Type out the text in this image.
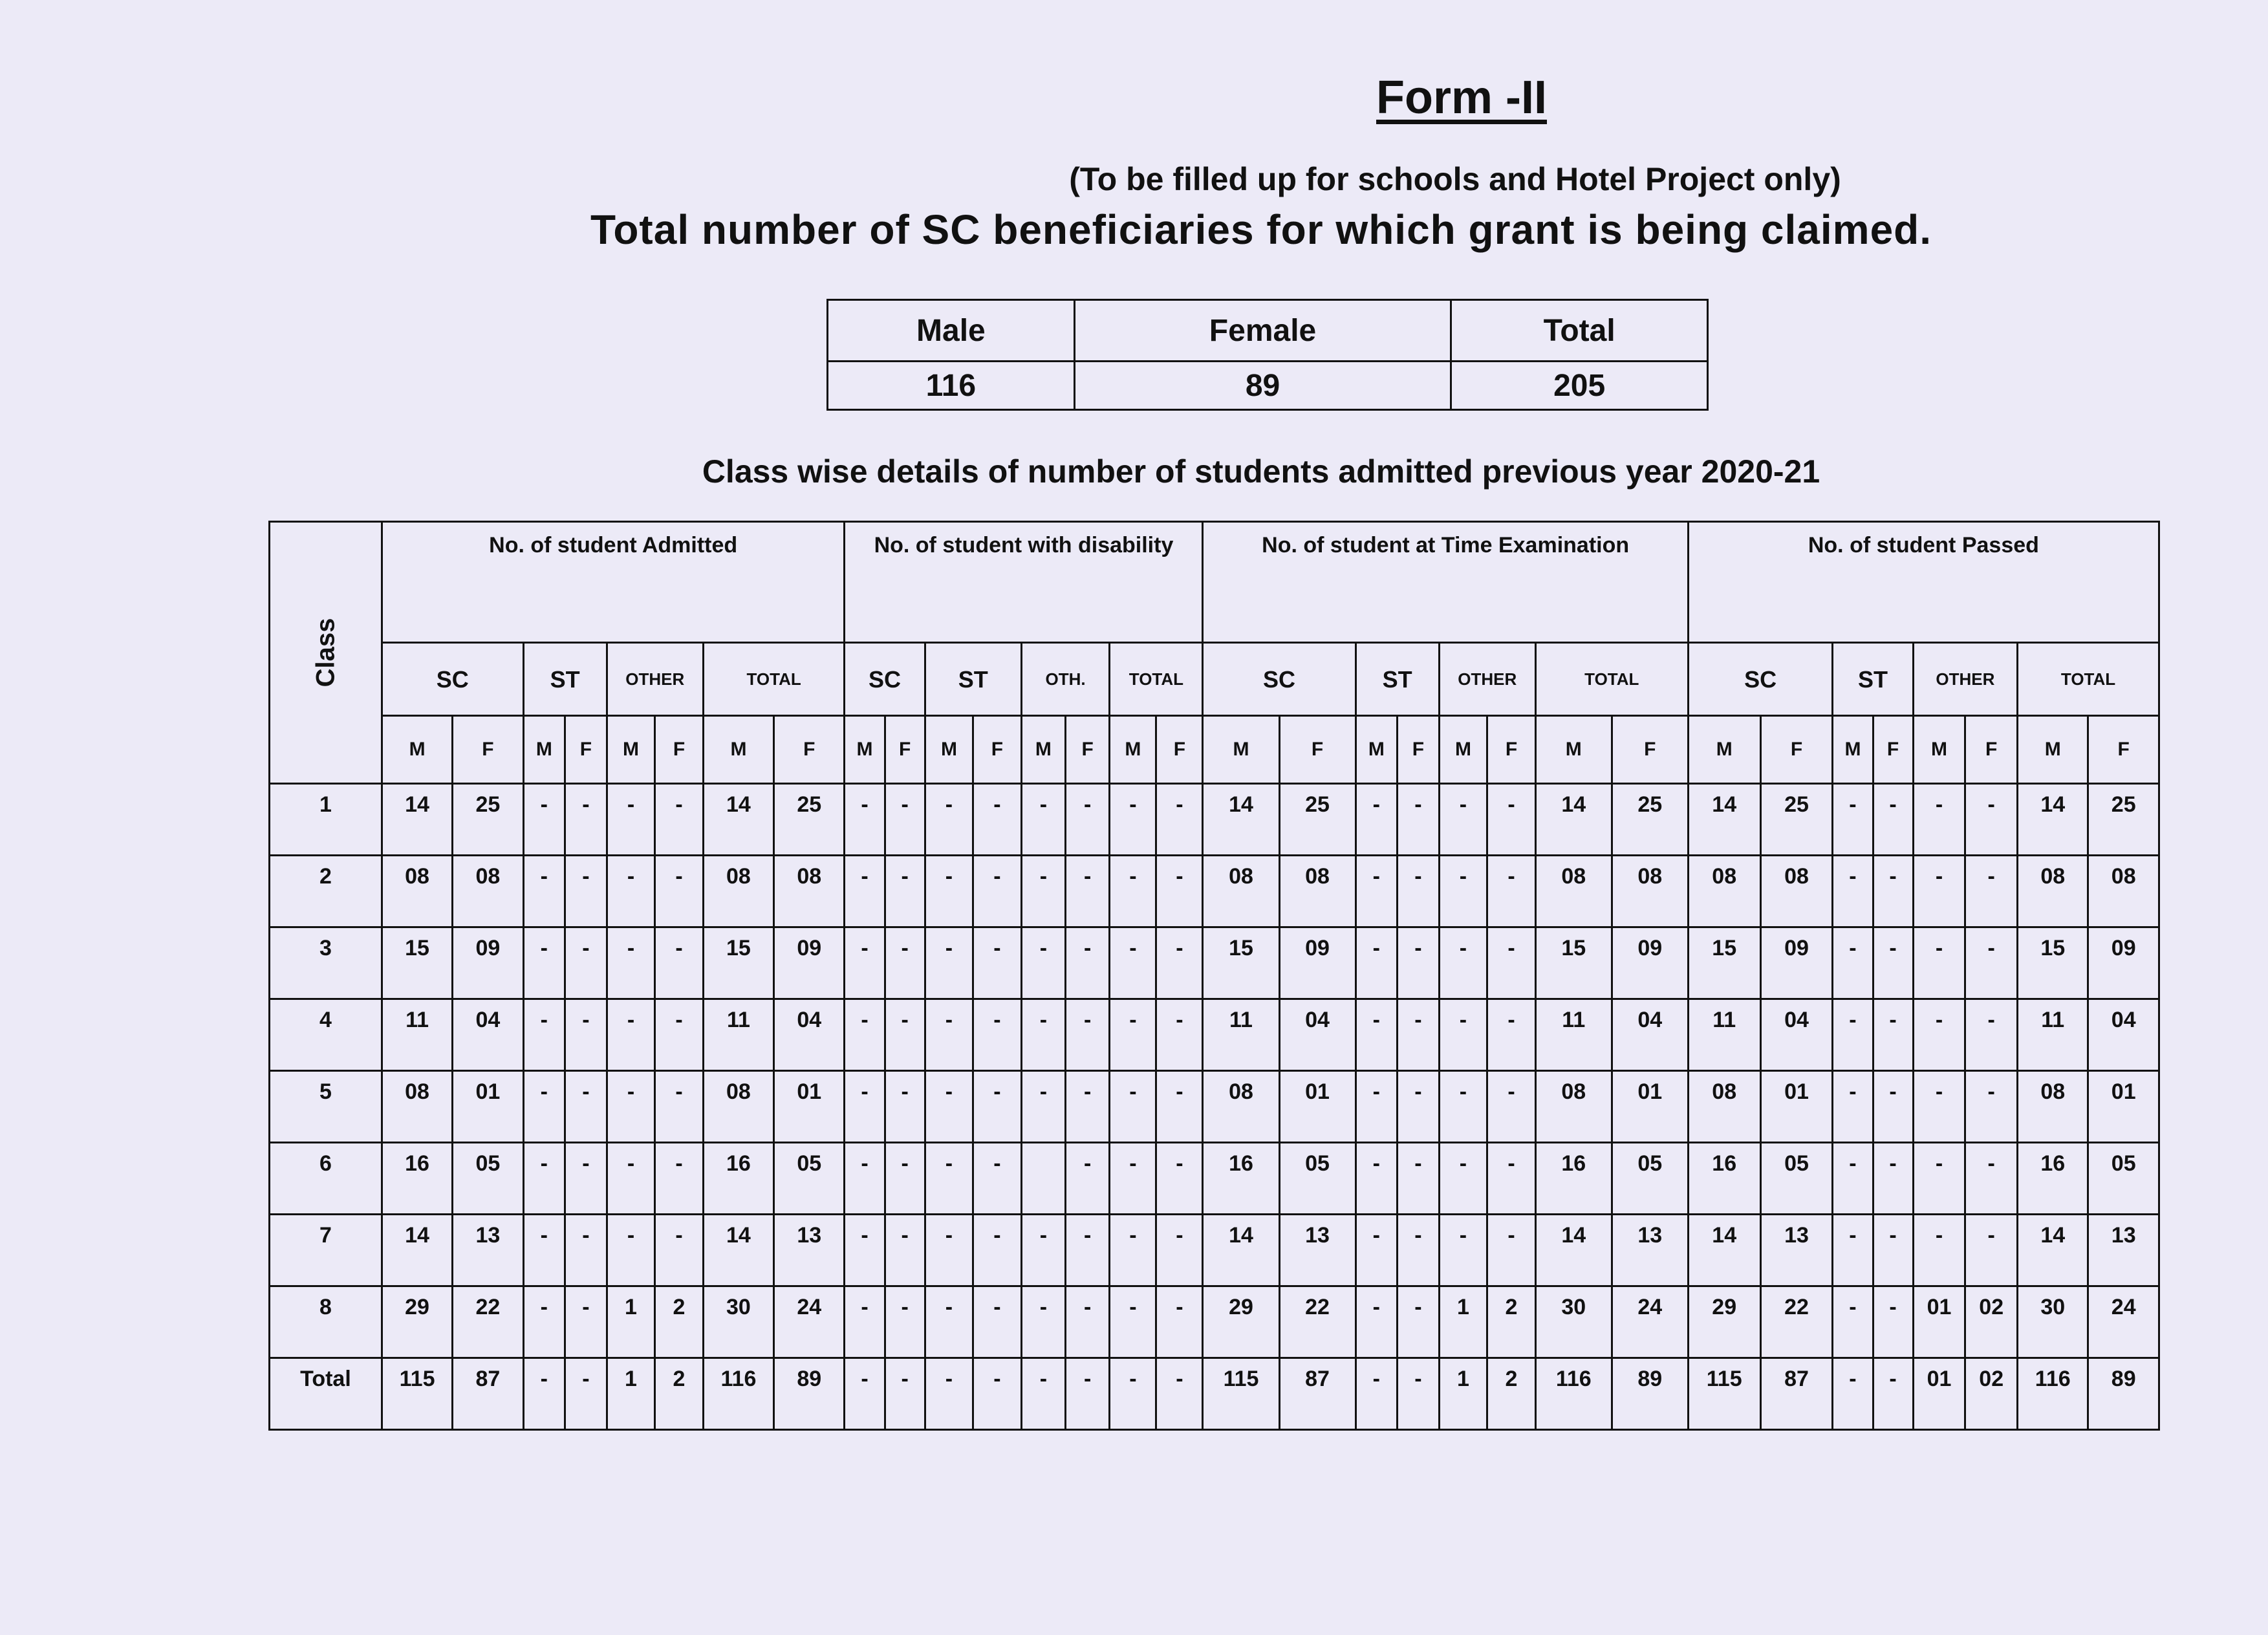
Form -II
(To be filled up for schools and Hotel Project only)
Total number of SC beneficiaries for which grant is being claimed.
Male	Female	Total
116	89	205
Class wise details of number of students admitted previous year 2020-21
Class	No. of student Admitted								No. of student with disability								No. of student at Time Examination								No. of student Passed							
	SC		ST		OTHER		TOTAL		SC		ST		OTH.		TOTAL		SC		ST		OTHER		TOTAL		SC		ST		OTHER		TOTAL	
	M	F	M	F	M	F	M	F	M	F	M	F	M	F	M	F	M	F	M	F	M	F	M	F	M	F	M	F	M	F	M	F
1	14	25	-	-	-	-	14	25	-	-	-	-	-	-	-	-	14	25	-	-	-	-	14	25	14	25	-	-	-	-	14	25
2	08	08	-	-	-	-	08	08	-	-	-	-	-	-	-	-	08	08	-	-	-	-	08	08	08	08	-	-	-	-	08	08
3	15	09	-	-	-	-	15	09	-	-	-	-	-	-	-	-	15	09	-	-	-	-	15	09	15	09	-	-	-	-	15	09
4	11	04	-	-	-	-	11	04	-	-	-	-	-	-	-	-	11	04	-	-	-	-	11	04	11	04	-	-	-	-	11	04
5	08	01	-	-	-	-	08	01	-	-	-	-	-	-	-	-	08	01	-	-	-	-	08	01	08	01	-	-	-	-	08	01
6	16	05	-	-	-	-	16	05	-	-	-	-		-	-	-	16	05	-	-	-	-	16	05	16	05	-	-	-	-	16	05
7	14	13	-	-	-	-	14	13	-	-	-	-	-	-	-	-	14	13	-	-	-	-	14	13	14	13	-	-	-	-	14	13
8	29	22	-	-	1	2	30	24	-	-	-	-	-	-	-	-	29	22	-	-	1	2	30	24	29	22	-	-	01	02	30	24
Total	115	87	-	-	1	2	116	89	-	-	-	-	-	-	-	-	115	87	-	-	1	2	116	89	115	87	-	-	01	02	116	89
